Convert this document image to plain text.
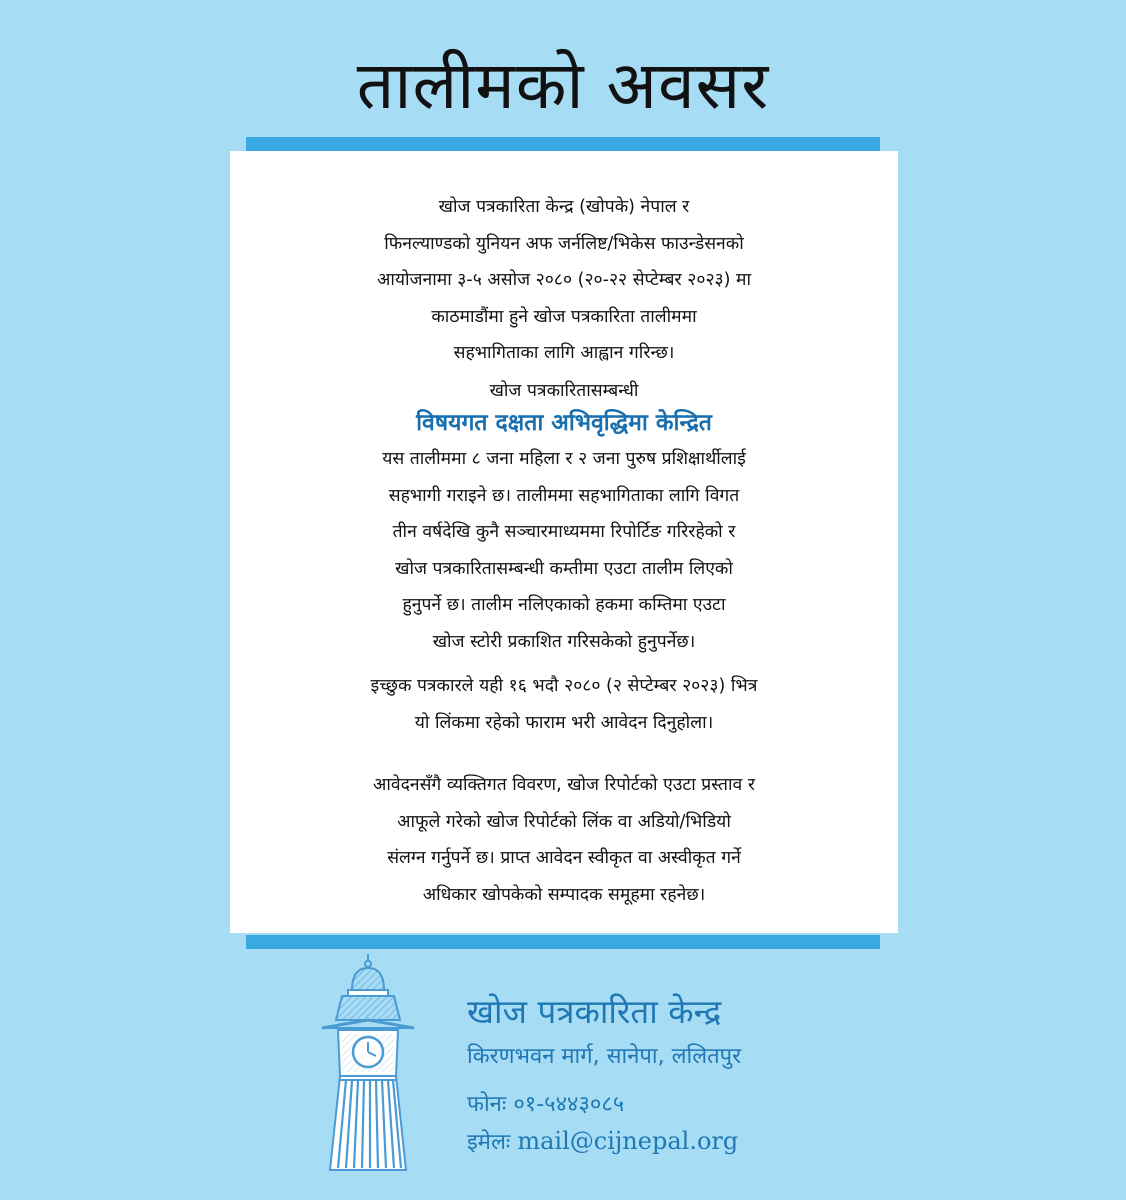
तालीमको अवसर

खोज पत्रकारिता केन्द्र (खोपके) नेपाल र

फिनल्याण्डको युनियन अफ जर्नलिष्ट/भिकेस फाउन्डेसनको

आयोजनामा ३-५ असोज २०८० (२०-२२ सेप्टेम्बर २०२३) मा

काठमाडौंमा हुने खोज पत्रकारिता तालीममा

सहभागिताका लागि आह्वान गरिन्छ।

खोज पत्रकारितासम्बन्धी

विषयगत दक्षता अभिवृद्धिमा केन्द्रित

यस तालीममा ८ जना महिला र २ जना पुरुष प्रशिक्षार्थीलाई

सहभागी गराइने छ। तालीममा सहभागिताका लागि विगत

तीन वर्षदेखि कुनै सञ्चारमाध्यममा रिपोर्टिङ गरिरहेको र

खोज पत्रकारितासम्बन्धी कम्तीमा एउटा तालीम लिएको

हुनुपर्ने छ। तालीम नलिएकाको हकमा कम्तिमा एउटा

खोज स्टोरी प्रकाशित गरिसकेको हुनुपर्नेछ।

इच्छुक पत्रकारले यही १६ भदौ २०८० (२ सेप्टेम्बर २०२३) भित्र

यो लिंकमा रहेको फाराम भरी आवेदन दिनुहोला।

आवेदनसँगै व्यक्तिगत विवरण, खोज रिपोर्टको एउटा प्रस्ताव र

आफूले गरेको खोज रिपोर्टको लिंक वा अडियो/भिडियो

संलग्न गर्नुपर्ने छ। प्राप्त आवेदन स्वीकृत वा अस्वीकृत गर्ने

अधिकार खोपकेको सम्पादक समूहमा रहनेछ।

खोज पत्रकारिता केन्द्र
किरणभवन मार्ग, सानेपा, ललितपुर
फोनः ०१-५४४३०८५
इमेलः mail@cijnepal.org
